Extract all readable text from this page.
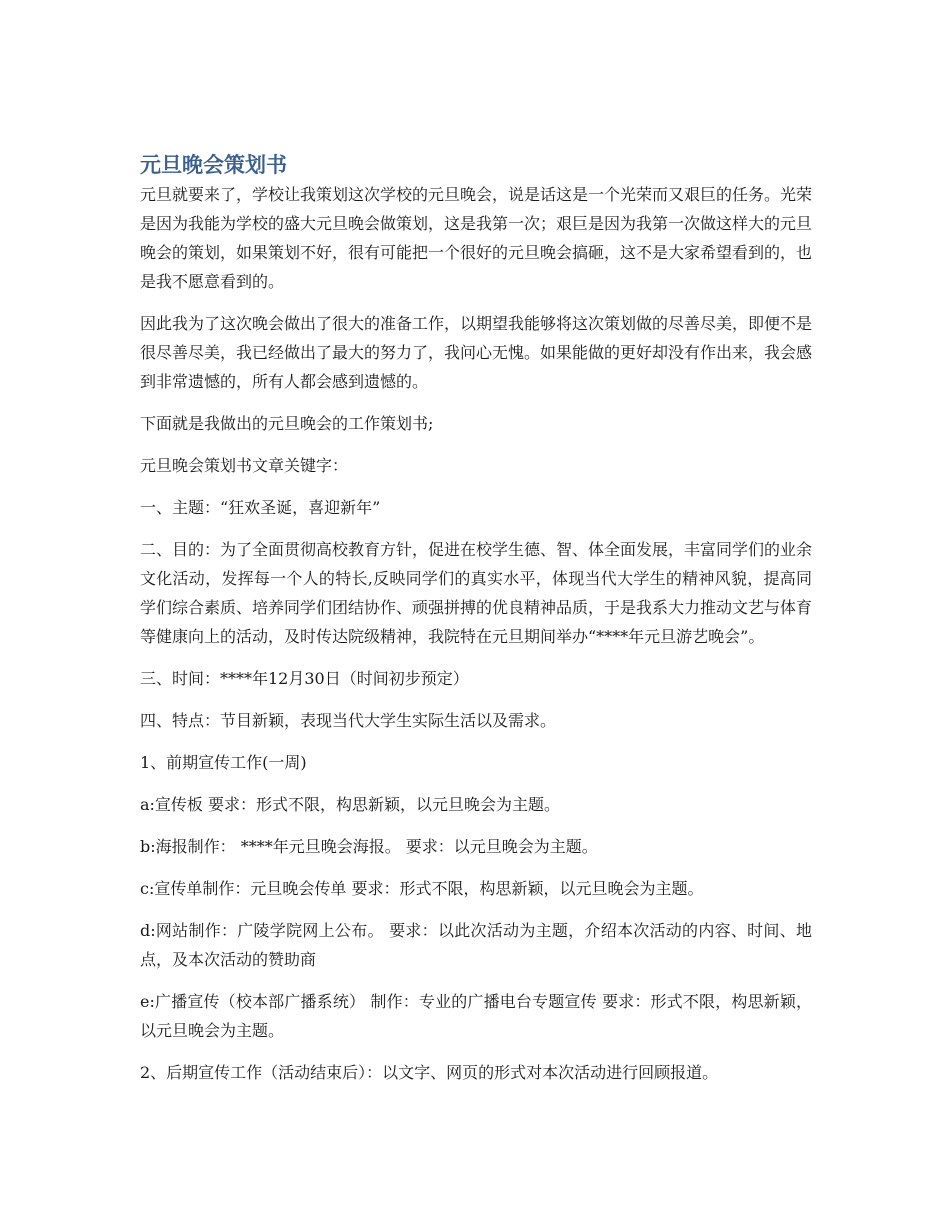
元旦晚会策划书

元旦就要来了，学校让我策划这次学校的元旦晚会，说是话这是一个光荣而又艰巨的任务。光荣是因为我能为学校的盛大元旦晚会做策划，这是我第一次；艰巨是因为我第一次做这样大的元旦晚会的策划，如果策划不好，很有可能把一个很好的元旦晚会搞砸，这不是大家希望看到的，也是我不愿意看到的。

因此我为了这次晚会做出了很大的准备工作，以期望我能够将这次策划做的尽善尽美，即便不是很尽善尽美，我已经做出了最大的努力了，我问心无愧。如果能做的更好却没有作出来，我会感到非常遗憾的，所有人都会感到遗憾的。

下面就是我做出的元旦晚会的工作策划书;

元旦晚会策划书文章关键字：

一、主题：“狂欢圣诞，喜迎新年”

二、目的：为了全面贯彻高校教育方针，促进在校学生德、智、体全面发展，丰富同学们的业余文化活动，发挥每一个人的特长,反映同学们的真实水平，体现当代大学生的精神风貌，提高同学们综合素质、培养同学们团结协作、顽强拼搏的优良精神品质，于是我系大力推动文艺与体育等健康向上的活动，及时传达院级精神，我院特在元旦期间举办“****年元旦游艺晚会”。

三、时间：****年12月30日（时间初步预定）

四、特点：节目新颖，表现当代大学生实际生活以及需求。

1、前期宣传工作(一周)

a:宣传板 要求：形式不限，构思新颖，以元旦晚会为主题。

b:海报制作： ****年元旦晚会海报。 要求：以元旦晚会为主题。

c:宣传单制作：元旦晚会传单 要求：形式不限，构思新颖，以元旦晚会为主题。

d:网站制作：广陵学院网上公布。 要求：以此次活动为主题，介绍本次活动的内容、时间、地点，及本次活动的赞助商

e:广播宣传（校本部广播系统） 制作：专业的广播电台专题宣传 要求：形式不限，构思新颖，以元旦晚会为主题。

2、后期宣传工作（活动结束后）：以文字、网页的形式对本次活动进行回顾报道。
